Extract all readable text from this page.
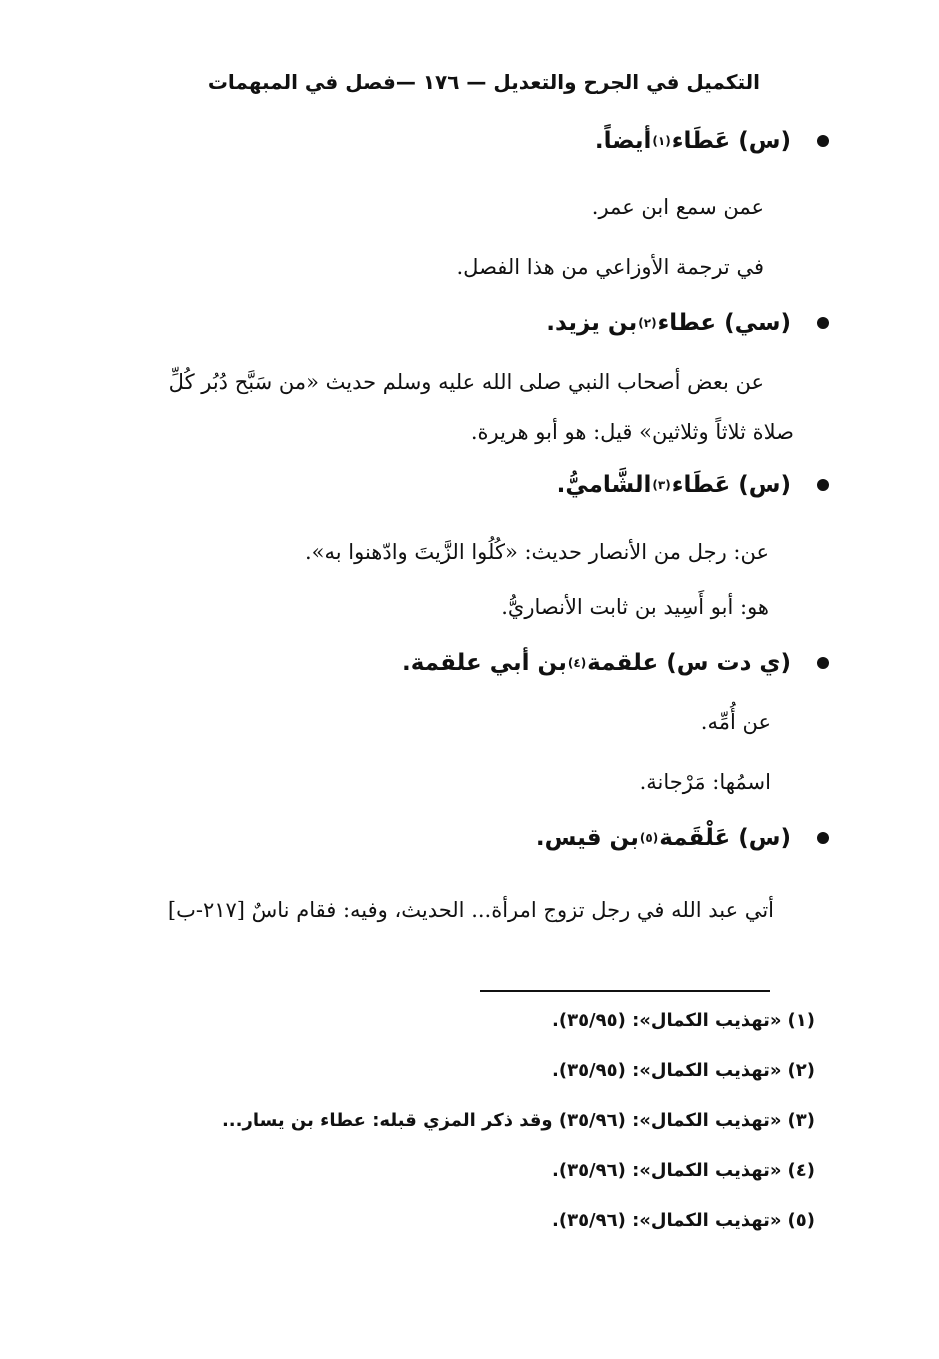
التكميل في الجرح والتعديل — ١٧٦ —فصل في المبهمات
(س)

عَطَاء
(١)
أيضاً.
عمن سمع ابن عمر.
في ترجمة الأوزاعي من هذا الفصل.
(سي)

عطاء
(٢)
بن يزيد.
عن بعض أصحاب النبي صلى الله عليه وسلم حديث «من سَبَّح دُبُر كُلِّ
صلاة ثلاثاً وثلاثين» قيل: هو أبو هريرة.
(س)

عَطَاء
(٣)
الشَّاميُّ.
عن: رجل من الأنصار حديث: «كُلُوا الزَّيتَ وادّهنوا به».
هو: أبو أَسِيد بن ثابت الأنصاريُّ.
(ي دت س)

علقمة
(٤)
بن أبي علقمة.
عن أُمِّه.
اسمُها: مَرْجانة.
(س)

عَلْقَمة
(٥)
بن قيس.
أتي عبد الله في رجل تزوج امرأة... الحديث، وفيه: فقام ناسٌ [٢١٧-ب]
(١)«تهذيب الكمال»: (٣٥/٩٥).
(٢)«تهذيب الكمال»: (٣٥/٩٥).
(٣)«تهذيب الكمال»: (٣٥/٩٦) وقد ذكر المزي قبله: عطاء بن يسار...
(٤)«تهذيب الكمال»: (٣٥/٩٦).
(٥)«تهذيب الكمال»: (٣٥/٩٦).
